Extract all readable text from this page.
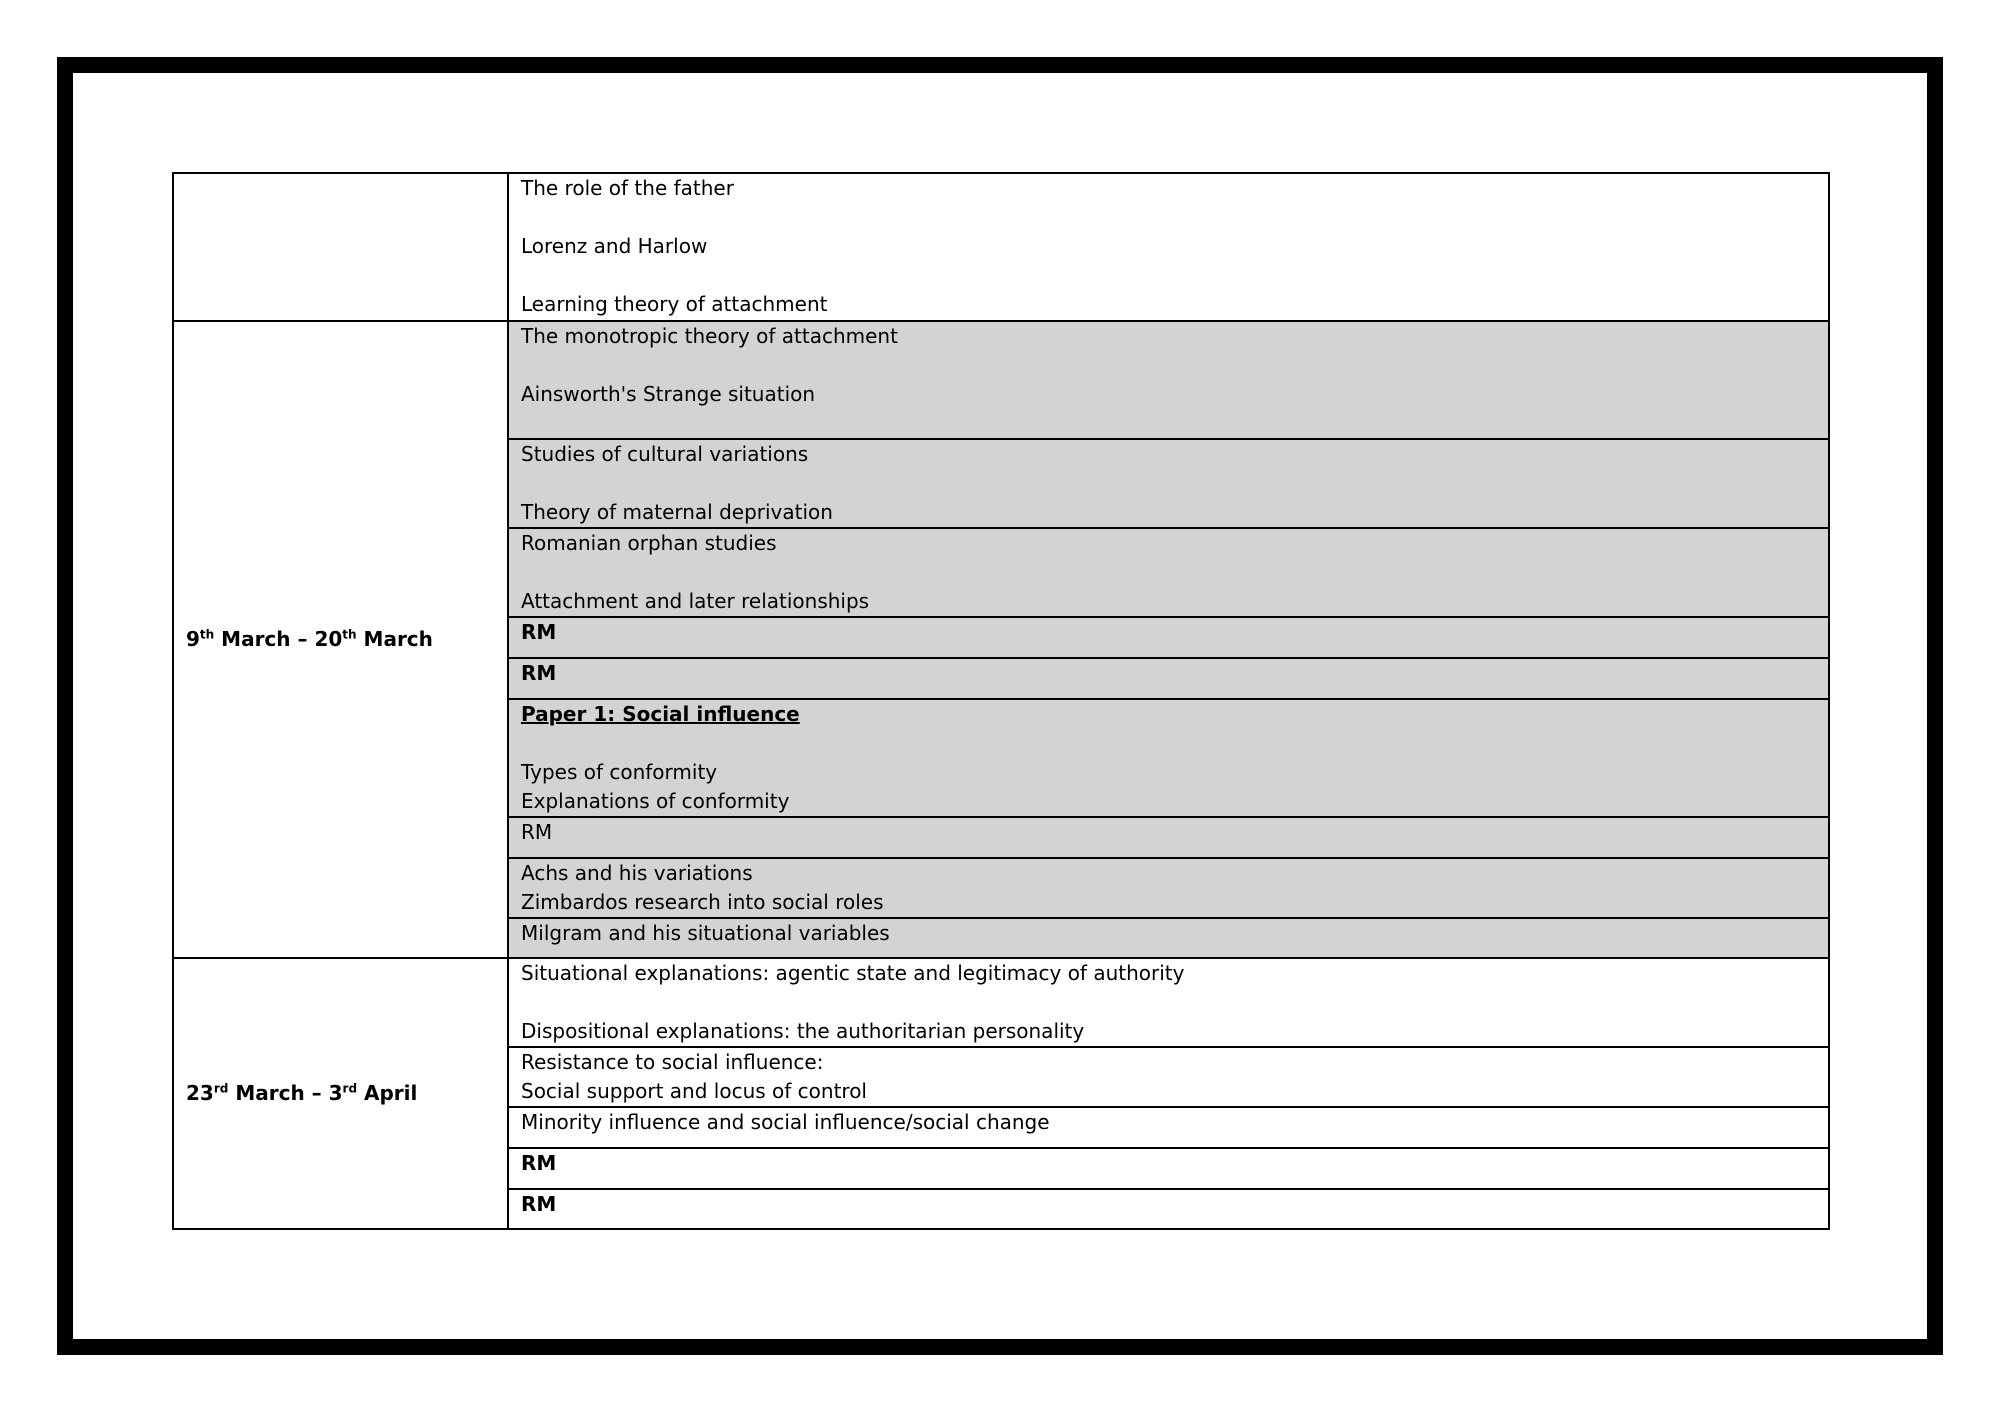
	The role of the father
Lorenz and Harlow
Learning theory of attachment

9th March – 20th March	The monotropic theory of attachment
Ainsworth's Strange situation

	Studies of cultural variations
Theory of maternal deprivation

	Romanian orphan studies
Attachment and later relationships

	RM

	RM

	Paper 1: Social influence
Types of conformity
Explanations of conformity

	RM

	Achs and his variations
Zimbardos research into social roles

	Milgram and his situational variables

23rd March – 3rd April	Situational explanations: agentic state and legitimacy of authority
Dispositional explanations: the authoritarian personality

	Resistance to social influence:
Social support and locus of control

	Minority influence and social influence/social change

	RM

	RM
